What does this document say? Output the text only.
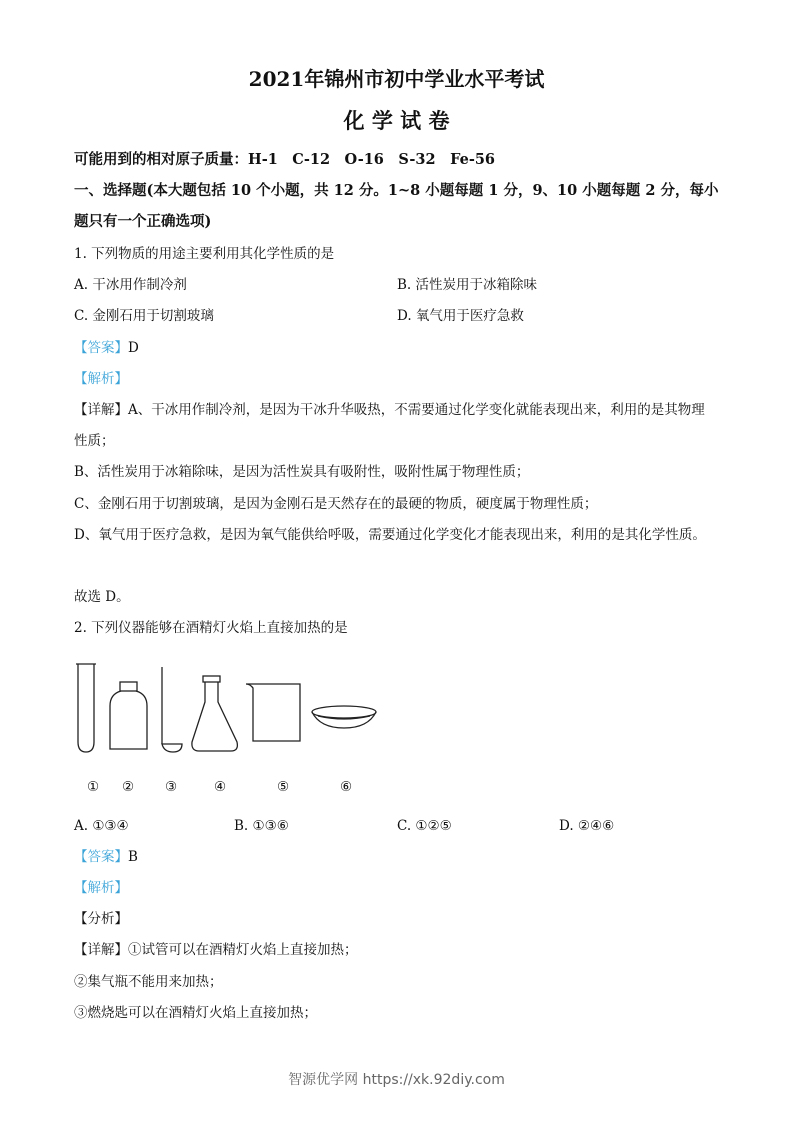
2021年锦州市初中学业水平考试
化 学 试 卷
可能用到的相对原子质量：H-1　C-12　O-16　S-32　Fe-56
一、选择题(本大题包括 10 个小题，共 12 分。1~8 小题每题 1 分，9、10 小题每题 2 分，每小
题只有一个正确选项)
1. 下列物质的用途主要利用其化学性质的是
A. 干冰用作制冷剂	B. 活性炭用于冰箱除味
C. 金刚石用于切割玻璃	D. 氧气用于医疗急救
【答案】D
【解析】
【详解】A、干冰用作制冷剂，是因为干冰升华吸热，不需要通过化学变化就能表现出来，利用的是其物理
性质；
B、活性炭用于冰箱除味，是因为活性炭具有吸附性，吸附性属于物理性质；
C、金刚石用于切割玻璃，是因为金刚石是天然存在的最硬的物质，硬度属于物理性质；
D、氧气用于医疗急救，是因为氧气能供给呼吸，需要通过化学变化才能表现出来，利用的是其化学性质。
故选 D。
2. 下列仪器能够在酒精灯火焰上直接加热的是
① ② ③	④	⑤	⑥
A. ①③④	B. ①③⑥	C. ①②⑤	D. ②④⑥
【答案】B
【解析】
【分析】
【详解】①试管可以在酒精灯火焰上直接加热；
②集气瓶不能用来加热；
③燃烧匙可以在酒精灯火焰上直接加热；
智源优学网 https://xk.92diy.com
